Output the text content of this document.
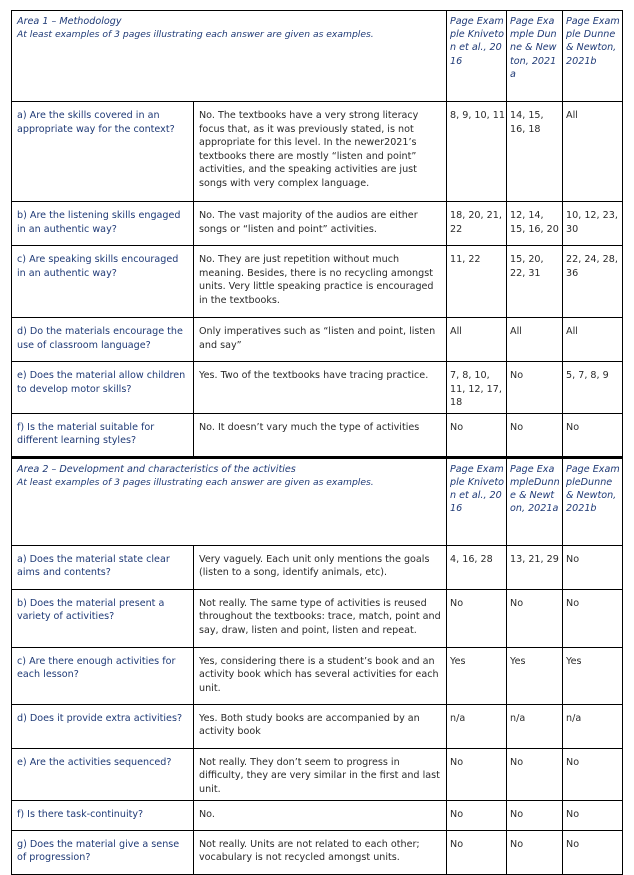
Area 1 – Methodology
At least examples of 3 pages illustrating each answer are given as examples.		Page Example Kniveton et al., 2016	Page Example Dunne & Newton, 2021a	Page Example Dunne & Newton, 2021b
a) Are the skills covered in an appropriate way for the context?	No. The textbooks have a very strong literacy focus that, as it was previously stated, is not appropriate for this level. In the newer2021’s textbooks there are mostly “listen and point” activities, and the speaking activities are just songs with very complex language.	8, 9, 10, 11	14, 15, 16, 18	All
b) Are the listening skills engaged in an authentic way?	No. The vast majority of the audios are either songs or “listen and point” activities.	18, 20, 21, 22	12, 14, 15, 16, 20	10, 12, 23, 30
c) Are speaking skills encouraged in an authentic way?	No. They are just repetition without much meaning. Besides, there is no recycling amongst units. Very little speaking practice is encouraged in the textbooks.	11, 22	15, 20, 22, 31	22, 24, 28, 36
d) Do the materials encourage the use of classroom language?	Only imperatives such as “listen and point, listen and say”	All	All	All
e) Does the material allow children to develop motor skills?	Yes. Two of the textbooks have tracing practice.	7, 8, 10, 11, 12, 17, 18	No	5, 7, 8, 9
f) Is the material suitable for different learning styles?	No. It doesn’t vary much the type of activities	No	No	No

Area 2 – Development and characteristics of the activities
At least examples of 3 pages illustrating each answer are given as examples.		Page Example Kniveton et al., 2016	Page ExampleDunne & Newton, 2021a	Page ExampleDunne & Newton, 2021b
a) Does the material state clear aims and contents?	Very vaguely. Each unit only mentions the goals (listen to a song, identify animals, etc).	4, 16, 28	13, 21, 29	No
b) Does the material present a variety of activities?	Not really. The same type of activities is reused throughout the textbooks: trace, match, point and say, draw, listen and point, listen and repeat.	No	No	No
c) Are there enough activities for each lesson?	Yes, considering there is a student’s book and an activity book which has several activities for each unit.	Yes	Yes	Yes
d) Does it provide extra activities?	Yes. Both study books are accompanied by an activity book	n/a	n/a	n/a
e) Are the activities sequenced?	Not really. They don’t seem to progress in difficulty, they are very similar in the first and last unit.	No	No	No
f) Is there task-continuity?	No.	No	No	No
g) Does the material give a sense of progression?	Not really. Units are not related to each other; vocabulary is not recycled amongst units.	No	No	No
